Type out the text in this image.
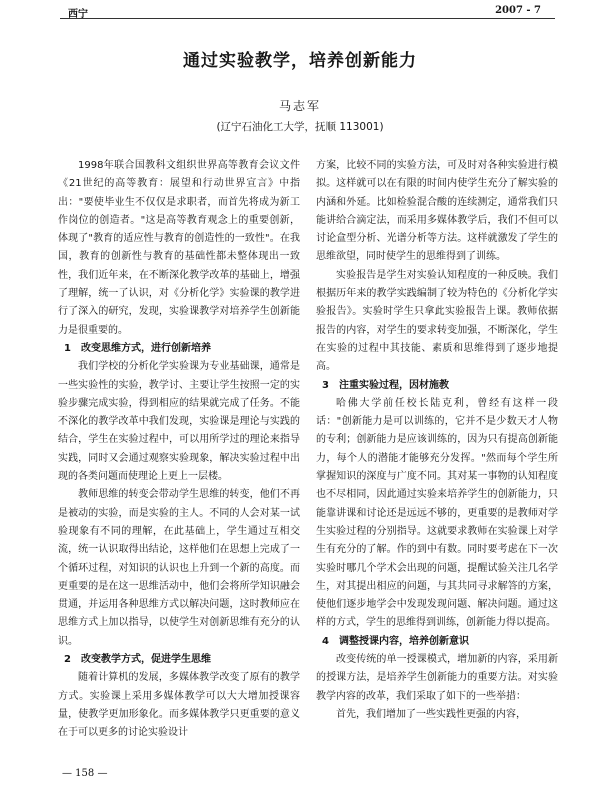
西宁	2007 - 7
通过实验教学，培养创新能力
马志军
(辽宁石油化工大学，抚顺 113001)

1998年联合国教科文组织世界高等教育会议文件《21世纪的高等教育：展望和行动世界宣言》中指出："要使毕业生不仅仅是求职者，而首先将成为新工作岗位的创造者。"这是高等教育观念上的重要创新，体现了"教育的适应性与教育的创造性的一致性"。在我国，教育的创新性与教育的基础性都未整体现出一致性，我们近年来，在不断深化教学改革的基础上，增强了理解，统一了认识，对《分析化学》实验课的教学进行了深入的研究，发现，实验课教学对培养学生创新能力是很重要的。

1　改变思维方式，进行创新培养

我们学校的分析化学实验课为专业基础课，通常是一些实验性的实验，教学讨、主要让学生按照一定的实验步骤完成实验，得到相应的结果就完成了任务。不能不深化的教学改革中我们发现，实验课是理论与实践的结合，学生在实验过程中，可以用所学过的理论来指导实践，同时又会通过观察实验现象，解决实验过程中出现的各类问题而使理论上更上一层楼。

教师思维的转变会带动学生思维的转变，他们不再是被动的实验，而是实验的主人。不同的人会对某一试验现象有不同的理解，在此基础上，学生通过互相交流，统一认识取得出结论，这样他们在思想上完成了一个循环过程，对知识的认识也上升到一个新的高度。而更重要的是在这一思维活动中，他们会将所学知识融会贯通，并运用各种思维方式以解决问题，这时教师应在思维方式上加以指导，以使学生对创新思维有充分的认识。

2　改变教学方式，促进学生思维

随着计算机的发展，多媒体教学改变了原有的教学方式。实验课上采用多媒体教学可以大大增加授课容量，使教学更加形象化。而多媒体教学只更重要的意义在于可以更多的讨论实验设计

方案，比较不同的实验方法，可及时对各种实验进行模拟。这样就可以在有限的时间内使学生充分了解实验的内涵和外延。比如检验混合酸的连续测定，通常我们只能讲给合滴定法，而采用多媒体教学后，我们不但可以讨论盒型分析、光谱分析等方法。这样就激发了学生的思维欲望，同时使学生的思维得到了训练。

实验报告是学生对实验认知程度的一种反映。我们根据历年来的教学实践编制了较为特色的《分析化学实验报告》。实验时学生只拿此实验报告上课。教师依据报告的内容，对学生的要求转变加强，不断深化，学生在实验的过程中其技能、素质和思维得到了逐步地提高。

3　注重实验过程，因材施教

哈佛大学前任校长陆克利，曾经有这样一段话："创新能力是可以训练的，它并不是少数天才人物的专利；创新能力是应该训练的，因为只有提高创新能力，每个人的潜能才能够充分发挥。"然而每个学生所掌握知识的深度与广度不同。其对某一事物的认知程度也不尽相同，因此通过实验来培养学生的创新能力，只能靠讲课和讨论还是远远不够的，更重要的是教师对学生实验过程的分别指导。这就要求教师在实验课上对学生有充分的了解。作的到中有数。同时要考虑在下一次实验时哪几个学术会出现的问题，提醒试验关注几名学生，对其提出相应的问题，与其共同寻求解答的方案，使他们逐步地学会中发现发现问题、解决问题。通过这样的方式，学生的思维得到训练，创新能力得以提高。

4　调整授课内容，培养创新意识

改变传统的单一授课模式，增加新的内容，采用新的授课方法，是培养学生创新能力的重要方法。对实验教学内容的改革，我们采取了如下的一些举措：

首先，我们增加了一些实践性更强的内容，

— 158 —
